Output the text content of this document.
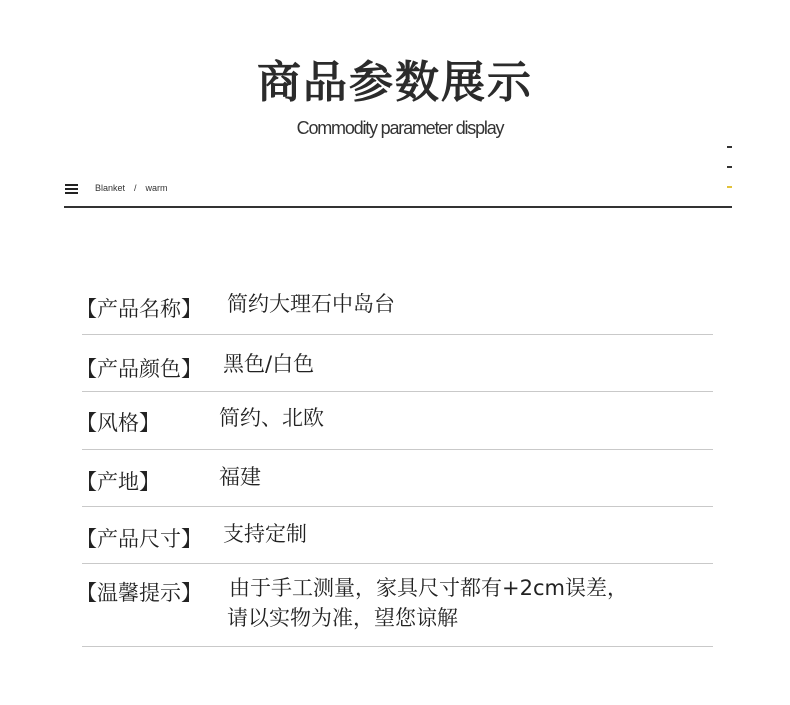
商品参数展示
Commodity parameter display
Blanket / warm
【产品名称】 简约大理石中岛台
【产品颜色】 黑色/白色
【风格】	简约、北欧
【产地】	福建
【产品尺寸】 支持定制
【温馨提示】 由于手工测量，家具尺寸都有+2cm误差，
请以实物为准，望您谅解
